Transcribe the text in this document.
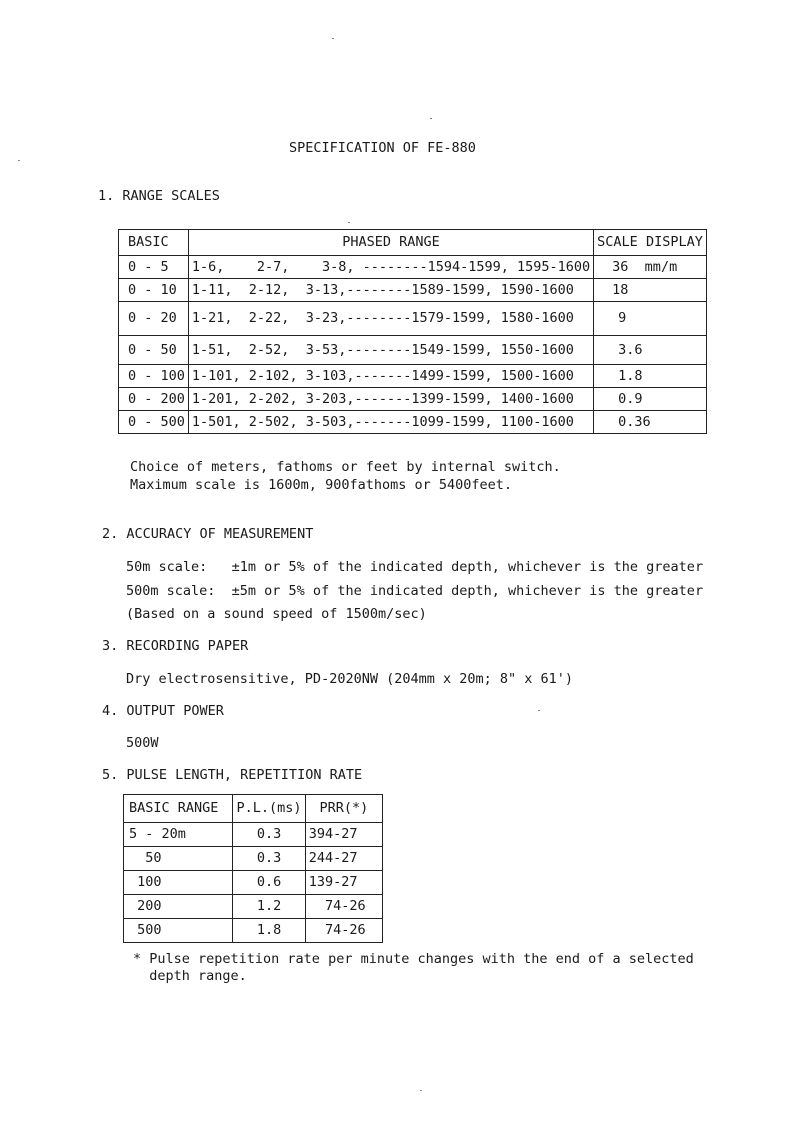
SPECIFICATION OF FE-880
1. RANGE SCALES
BASIC	PHASED RANGE	SCALE DISPLAY
0 - 5	1-6,    2-7,    3-8, --------1594-1599, 1595-1600	36  mm/m
0 - 10	1-11,  2-12,  3-13,--------1589-1599, 1590-1600	18
0 - 20	1-21,  2-22,  3-23,--------1579-1599, 1580-1600	9
0 - 50	1-51,  2-52,  3-53,--------1549-1599, 1550-1600	3.6
0 - 100	1-101, 2-102, 3-103,-------1499-1599, 1500-1600	1.8
0 - 200	1-201, 2-202, 3-203,-------1399-1599, 1400-1600	0.9
0 - 500	1-501, 2-502, 3-503,-------1099-1599, 1100-1600	0.36
Choice of meters, fathoms or feet by internal switch.
Maximum scale is 1600m, 900fathoms or 5400feet.
2. ACCURACY OF MEASUREMENT
50m scale:   ±1m or 5% of the indicated depth, whichever is the greater
500m scale:  ±5m or 5% of the indicated depth, whichever is the greater
(Based on a sound speed of 1500m/sec)
3. RECORDING PAPER
Dry electrosensitive, PD-2020NW (204mm x 20m; 8" x 61')
4. OUTPUT POWER
500W
5. PULSE LENGTH, REPETITION RATE
BASIC RANGE	P.L.(ms)	PRR(*)
5 - 20m	0.3	394-27
50	0.3	244-27
100	0.6	139-27
200	1.2	74-26
500	1.8	74-26
* Pulse repetition rate per minute changes with the end of a selected
depth range.
